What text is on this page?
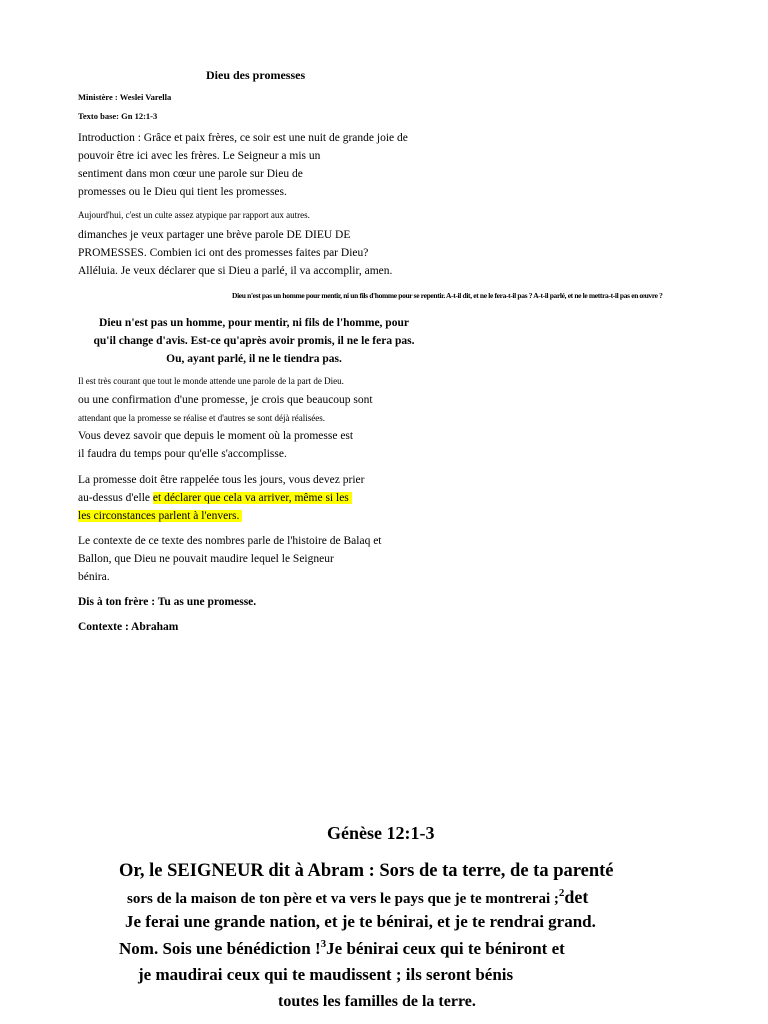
Dieu des promesses
Ministère : Weslei Varella
Texto base: Gn 12:1-3
Introduction : Grâce et paix frères, ce soir est une nuit de grande joie de
pouvoir être ici avec les frères. Le Seigneur a mis un
sentiment dans mon cœur une parole sur Dieu de
promesses ou le Dieu qui tient les promesses.
Aujourd'hui, c'est un culte assez atypique par rapport aux autres.
dimanches je veux partager une brève parole DE DIEU DE
PROMESSES. Combien ici ont des promesses faites par Dieu?
Alléluia. Je veux déclarer que si Dieu a parlé, il va accomplir, amen.
Dieu n'est pas un homme pour mentir, ni un fils d'homme pour se repentir. A-t-il dit, et ne le fera-t-il pas ? A-t-il parlé, et ne le mettra-t-il pas en œuvre ?
Dieu n'est pas un homme, pour mentir, ni fils de l'homme, pour
qu'il change d'avis. Est-ce qu'après avoir promis, il ne le fera pas.
Ou, ayant parlé, il ne le tiendra pas.
Il est très courant que tout le monde attende une parole de la part de Dieu.
ou une confirmation d'une promesse, je crois que beaucoup sont
attendant que la promesse se réalise et d'autres se sont déjà réalisées.
Vous devez savoir que depuis le moment où la promesse est
il faudra du temps pour qu'elle s'accomplisse.
La promesse doit être rappelée tous les jours, vous devez prier
au-dessus d'elle et déclarer que cela va arriver, même si les
les circonstances parlent à l'envers.
Le contexte de ce texte des nombres parle de l'histoire de Balaq et
Ballon, que Dieu ne pouvait maudire lequel le Seigneur
bénira.
Dis à ton frère : Tu as une promesse.
Contexte : Abraham
Génèse 12:1-3
Or, le SEIGNEUR dit à Abram : Sors de ta terre, de ta parenté
sors de la maison de ton père et va vers le pays que je te montrerai ;$^2$det
Je ferai une grande nation, et je te bénirai, et je te rendrai grand.
Nom. Sois une bénédiction !$^3$Je bénirai ceux qui te béniront et
je maudirai ceux qui te maudissent ; ils seront bénis
toutes les familles de la terre.
